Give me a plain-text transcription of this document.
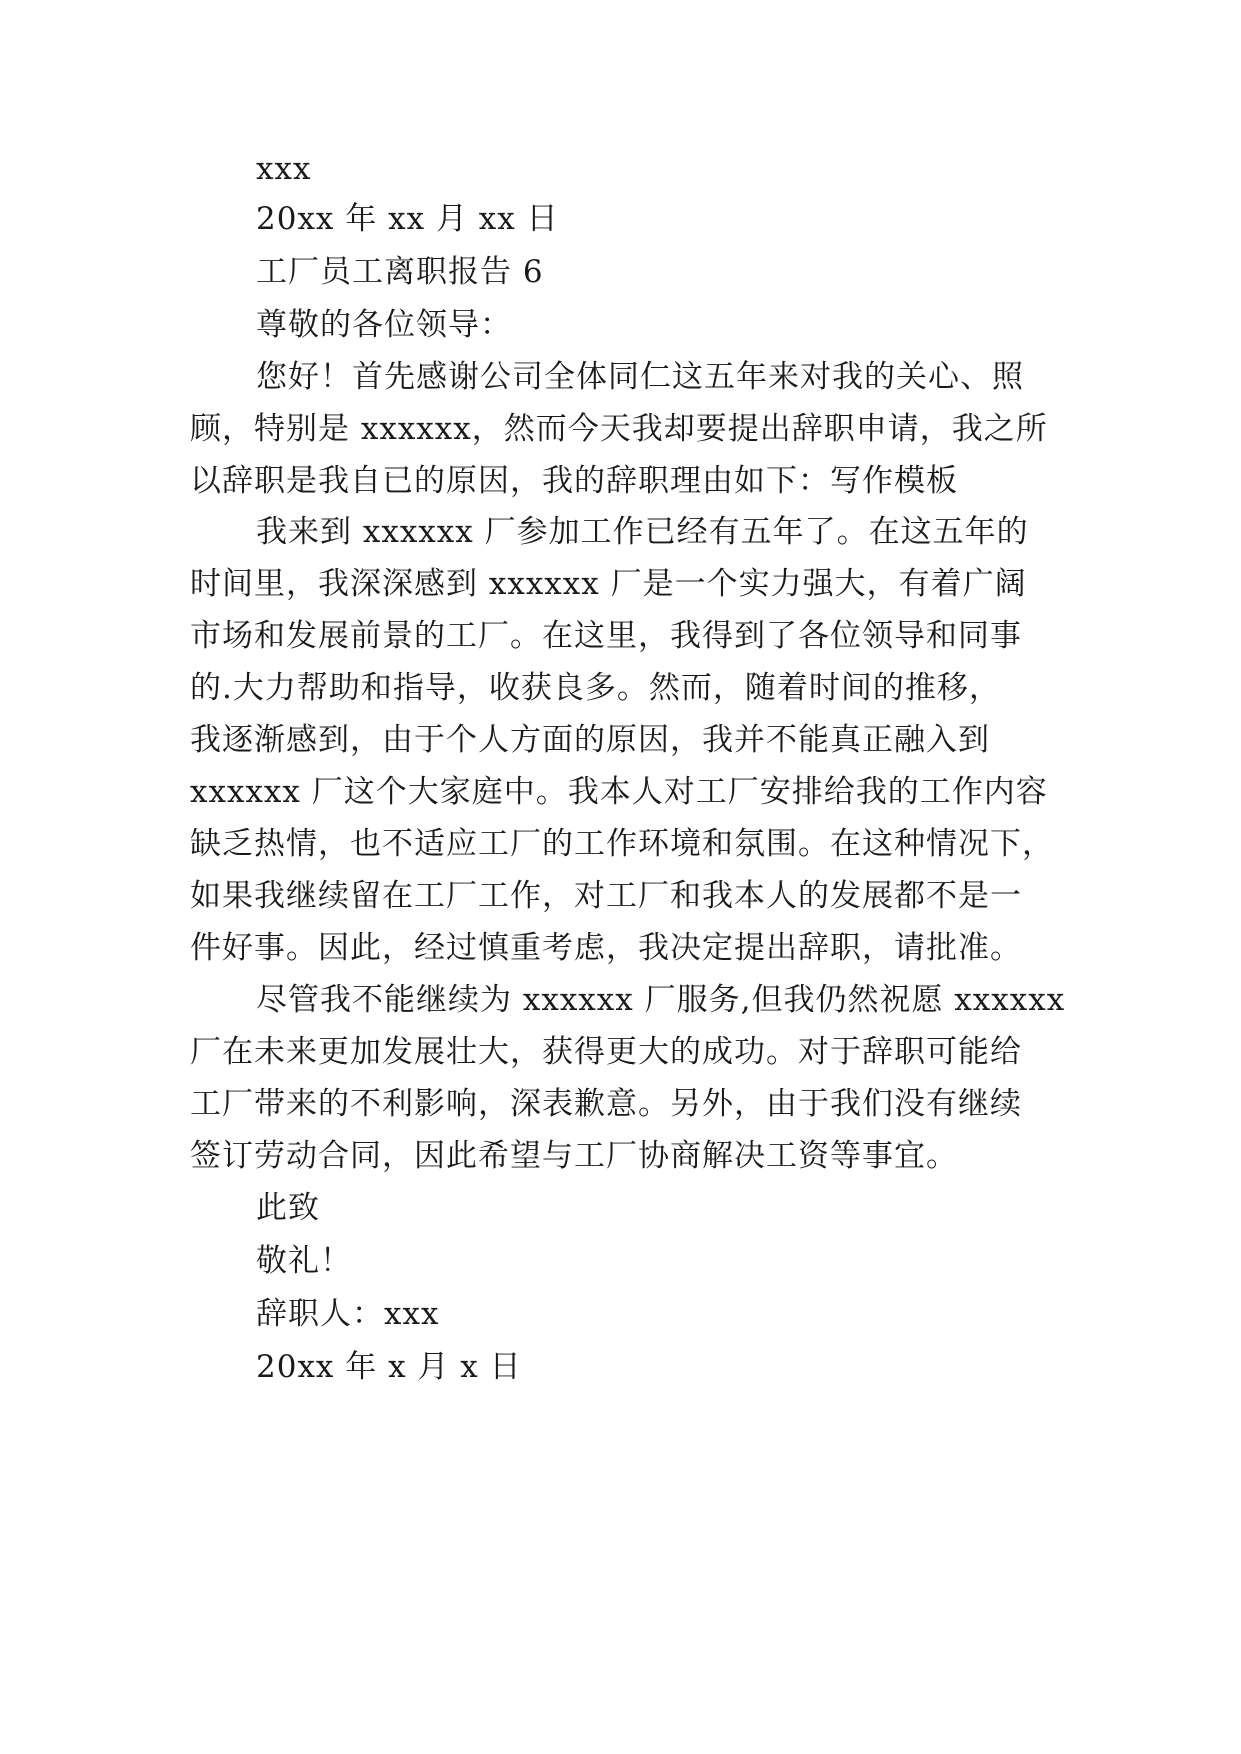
xxx
20xx 年 xx 月 xx 日
工厂员工离职报告 6
尊敬的各位领导：
您好！首先感谢公司全体同仁这五年来对我的关心、照
顾，特别是 xxxxxx，然而今天我却要提出辞职申请，我之所
以辞职是我自已的原因，我的辞职理由如下：写作模板
我来到 xxxxxx 厂参加工作已经有五年了。在这五年的
时间里，我深深感到 xxxxxx 厂是一个实力强大，有着广阔
市场和发展前景的工厂。在这里，我得到了各位领导和同事
的.大力帮助和指导，收获良多。然而，随着时间的推移，
我逐渐感到，由于个人方面的原因，我并不能真正融入到
xxxxxx 厂这个大家庭中。我本人对工厂安排给我的工作内容
缺乏热情，也不适应工厂的工作环境和氛围。在这种情况下，
如果我继续留在工厂工作，对工厂和我本人的发展都不是一
件好事。因此，经过慎重考虑，我决定提出辞职，请批准。
尽管我不能继续为 xxxxxx 厂服务,但我仍然祝愿 xxxxxx
厂在未来更加发展壮大，获得更大的成功。对于辞职可能给
工厂带来的不利影响，深表歉意。另外，由于我们没有继续
签订劳动合同，因此希望与工厂协商解决工资等事宜。
此致
敬礼！
辞职人：xxx
20xx 年 x 月 x 日
